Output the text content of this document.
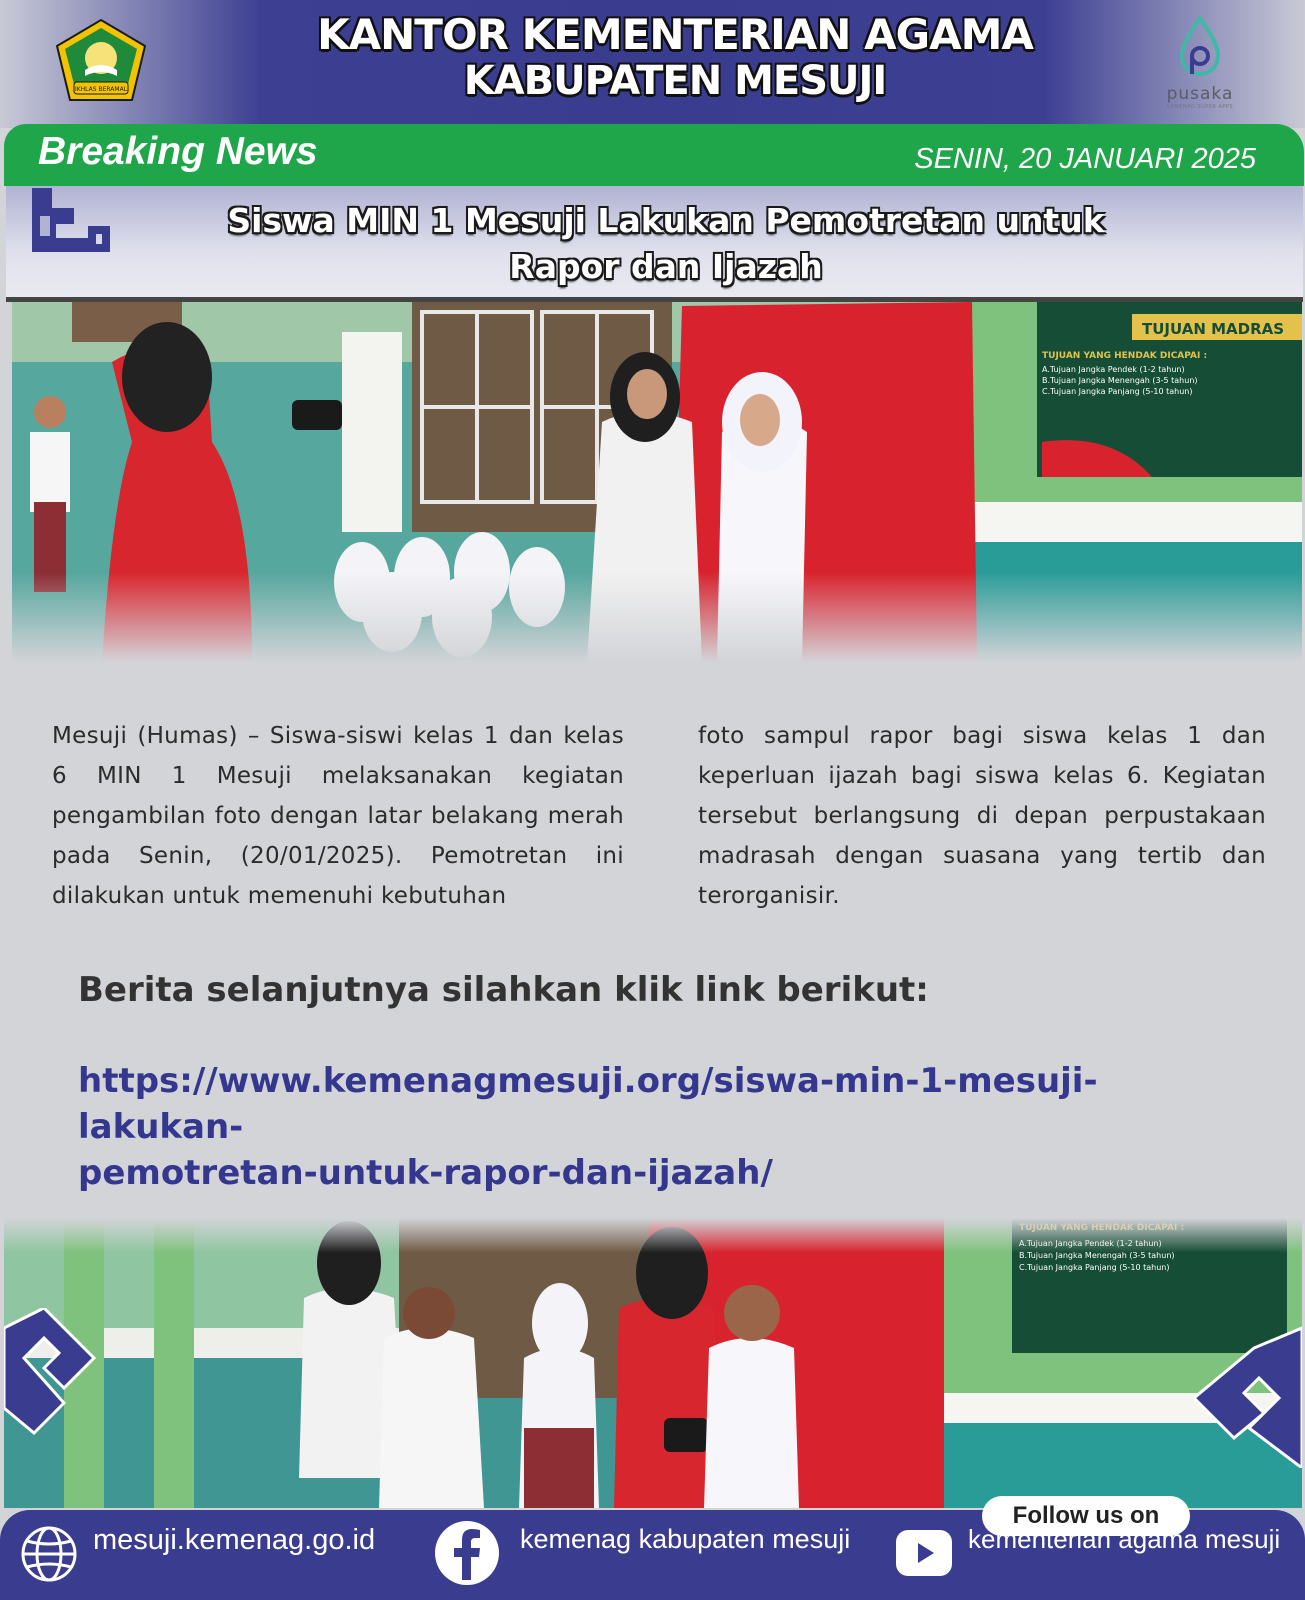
IKHLAS BERAMAL
KANTOR KEMENTERIAN AGAMA
KABUPATEN MESUJI	pusaka
KEMENAG SUPER APPS
Breaking News	SENIN, 20 JANUARI 2025
Siswa MIN 1 Mesuji Lakukan Pemotretan untuk
Rapor dan Ijazah

Mesuji (Humas) – Siswa-siswi kelas 1 dan kelas 6 MIN 1 Mesuji melaksanakan kegiatan pengambilan foto dengan latar belakang merah pada Senin, (20/01/2025). Pemotretan ini dilakukan untuk memenuhi kebutuhan

foto sampul rapor bagi siswa kelas 1 dan keperluan ijazah bagi siswa kelas 6. Kegiatan tersebut berlangsung di depan perpustakaan madrasah dengan suasana yang tertib dan terorganisir.

Berita selanjutnya silahkan klik link berikut:
https://www.kemenagmesuji.org/siswa-min-1-mesuji-lakukan-
pemotretan-untuk-rapor-dan-ijazah/
Follow us on
mesuji.kemenag.go.id	kemenag kabupaten mesuji	kementerian agama mesuji
